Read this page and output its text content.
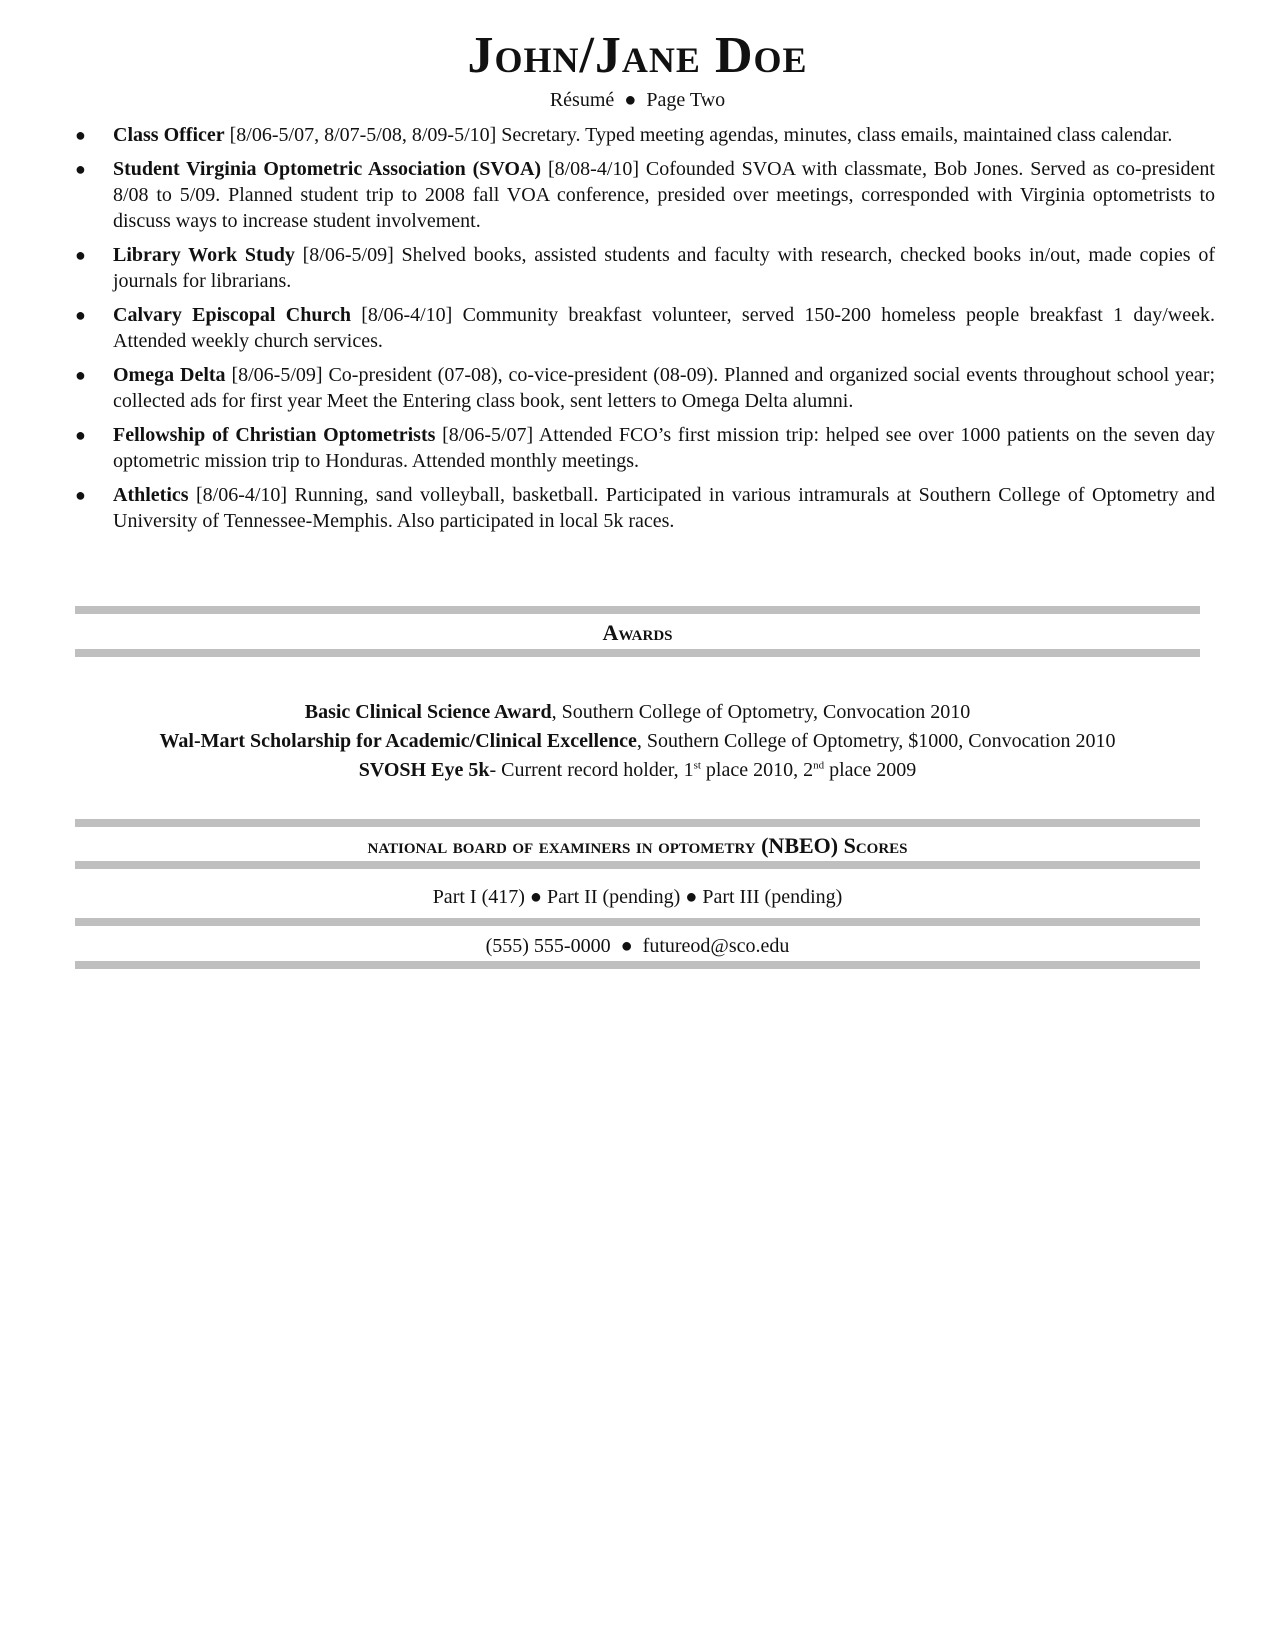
John/Jane Doe
Résumé ● Page Two
● Class Officer [8/06-5/07, 8/07-5/08, 8/09-5/10] Secretary. Typed meeting agendas, minutes, class emails, maintained class calendar.
● Student Virginia Optometric Association (SVOA) [8/08-4/10] Cofounded SVOA with classmate, Bob Jones. Served as co-president 8/08 to 5/09. Planned student trip to 2008 fall VOA conference, presided over meetings, corresponded with Virginia optometrists to discuss ways to increase student involvement.
● Library Work Study [8/06-5/09] Shelved books, assisted students and faculty with research, checked books in/out, made copies of journals for librarians.
● Calvary Episcopal Church [8/06-4/10] Community breakfast volunteer, served 150-200 homeless people breakfast 1 day/week. Attended weekly church services.
● Omega Delta [8/06-5/09] Co-president (07-08), co-vice-president (08-09). Planned and organized social events throughout school year; collected ads for first year Meet the Entering class book, sent letters to Omega Delta alumni.
● Fellowship of Christian Optometrists [8/06-5/07] Attended FCO’s first mission trip: helped see over 1000 patients on the seven day optometric mission trip to Honduras. Attended monthly meetings.
● Athletics [8/06-4/10] Running, sand volleyball, basketball. Participated in various intramurals at Southern College of Optometry and University of Tennessee-Memphis. Also participated in local 5k races.
Awards
Basic Clinical Science Award, Southern College of Optometry, Convocation 2010
Wal-Mart Scholarship for Academic/Clinical Excellence, Southern College of Optometry, $1000, Convocation 2010
SVOSH Eye 5k- Current record holder, 1st place 2010, 2nd place 2009
national board of examiners in optometry (NBEO) Scores
Part I (417) ● Part II (pending) ● Part III (pending)
(555) 555-0000 ● futureod@sco.edu
